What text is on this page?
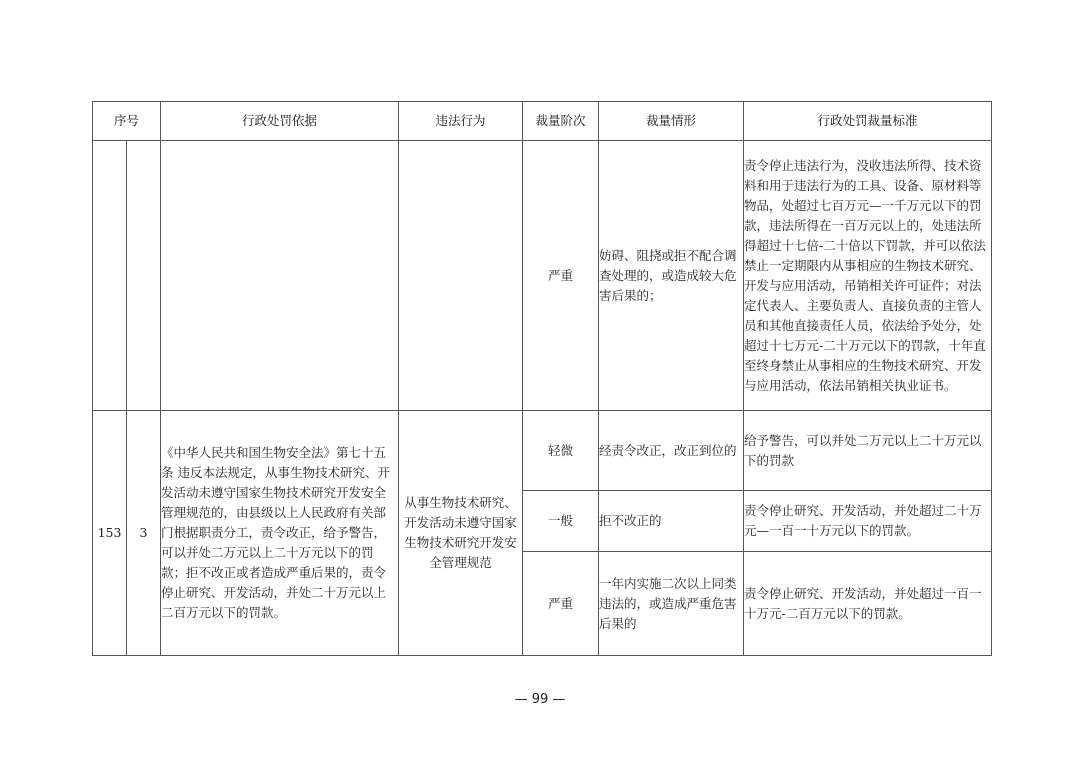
序号		行政处罚依据	违法行为	裁量阶次	裁量情形	行政处罚裁量标准
				严重	妨碍、阻挠或拒不配合调查处理的，或造成较大危害后果的；	责令停止违法行为，没收违法所得、技术资料和用于违法行为的工具、设备、原材料等物品，处超过七百万元—一千万元以下的罚款，违法所得在一百万元以上的，处违法所得超过十七倍-二十倍以下罚款，并可以依法禁止一定期限内从事相应的生物技术研究、开发与应用活动，吊销相关许可证件；对法定代表人、主要负责人、直接负责的主管人员和其他直接责任人员，依法给予处分，处超过十七万元-二十万元以下的罚款，十年直至终身禁止从事相应的生物技术研究、开发与应用活动，依法吊销相关执业证书。
153	3	《中华人民共和国生物安全法》第七十五条 违反本法规定，从事生物技术研究、开发活动未遵守国家生物技术研究开发安全管理规范的，由县级以上人民政府有关部门根据职责分工，责令改正，给予警告，可以并处二万元以上二十万元以下的罚款；拒不改正或者造成严重后果的，责令停止研究、开发活动，并处二十万元以上二百万元以下的罚款。	从事生物技术研究、开发活动未遵守国家生物技术研究开发安全管理规范	轻微	经责令改正，改正到位的	给予警告，可以并处二万元以上二十万元以下的罚款
				一般	拒不改正的	责令停止研究、开发活动，并处超过二十万元—一百一十万元以下的罚款。
				严重	一年内实施二次以上同类违法的，或造成严重危害后果的	责令停止研究、开发活动，并处超过一百一十万元-二百万元以下的罚款。
— 99 —
